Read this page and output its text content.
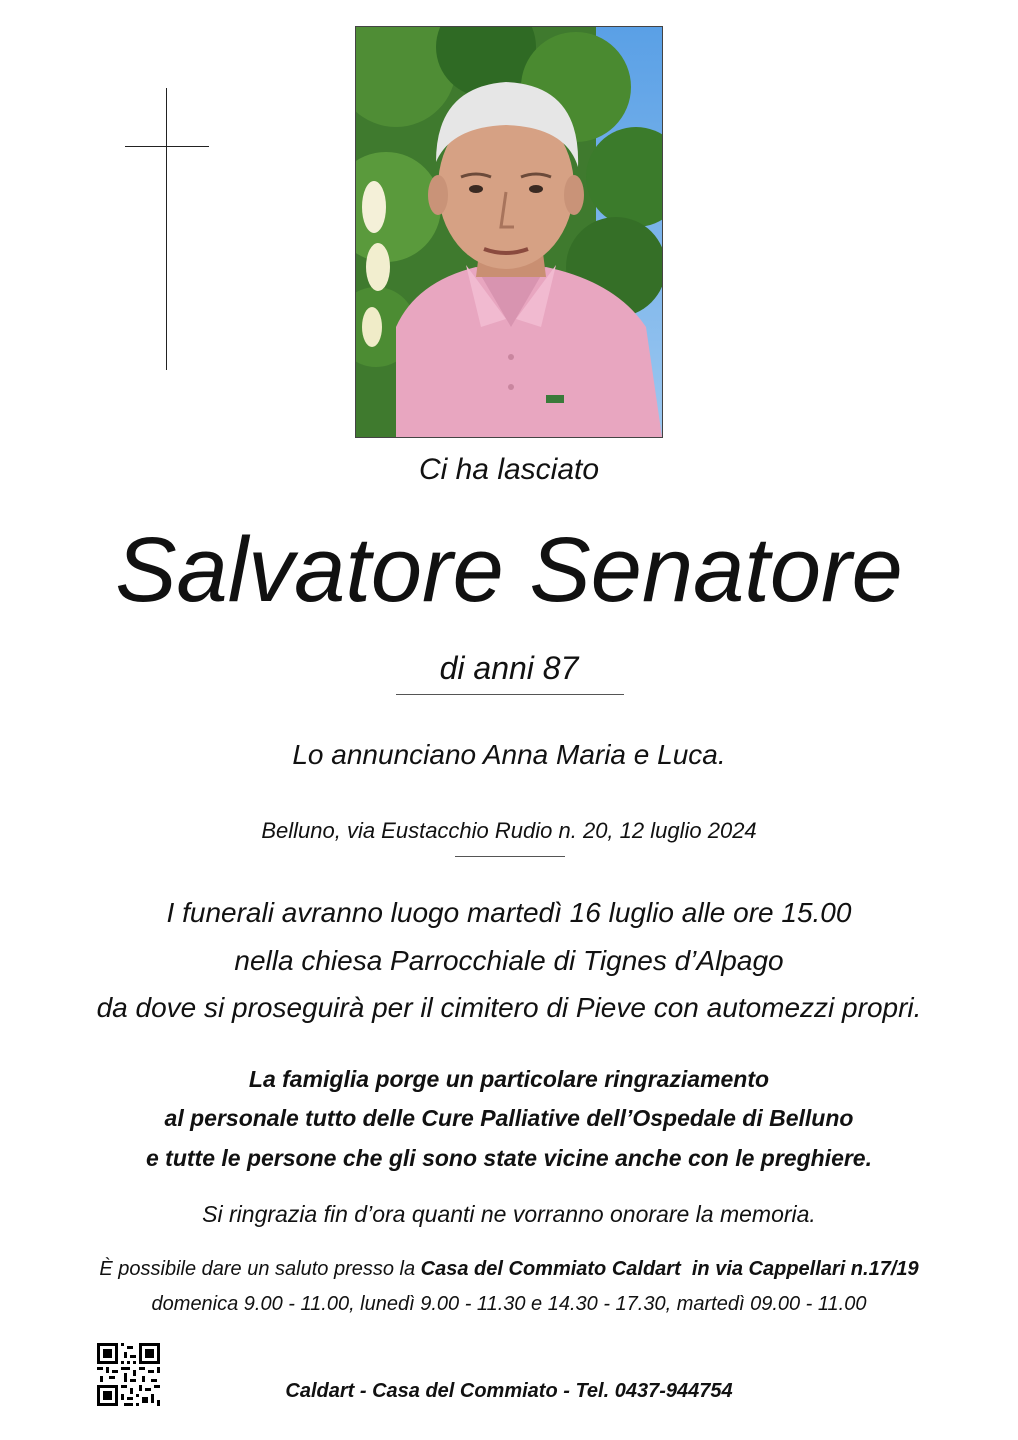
Ci ha lasciato
Salvatore Senatore
di anni 87
Lo annunciano Anna Maria e Luca.
Belluno, via Eustacchio Rudio n. 20, 12 luglio 2024
I funerali avranno luogo martedì 16 luglio alle ore 15.00
nella chiesa Parrocchiale di Tignes d’Alpago
da dove si proseguirà per il cimitero di Pieve con automezzi propri.
La famiglia porge un particolare ringraziamento
al personale tutto delle Cure Palliative dell’Ospedale di Belluno
e tutte le persone che gli sono state vicine anche con le preghiere.
Si ringrazia fin d’ora quanti ne vorranno onorare la memoria.
È possibile dare un saluto presso la Casa del Commiato Caldart  in via Cappellari n.17/19
domenica 9.00 - 11.00, lunedì 9.00 - 11.30 e 14.30 - 17.30, martedì 09.00 - 11.00
Caldart - Casa del Commiato - Tel. 0437-944754
